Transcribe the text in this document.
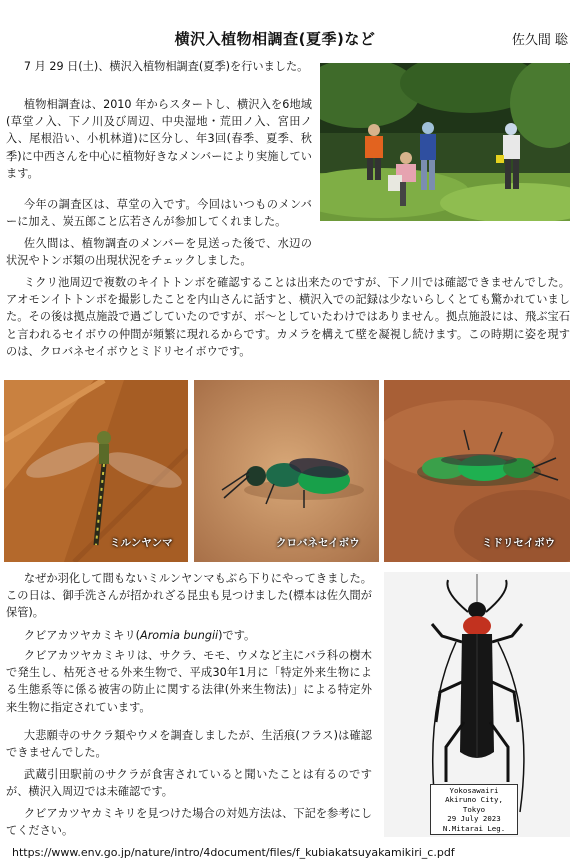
横沢入植物相調査(夏季)など	佐久間 聡

7 月 29 日(土)、横沢入植物相調査(夏季)を行いました。

植物相調査は、2010 年からスタートし、横沢入を6地域(草堂ノ入、下ノ川及び周辺、中央湿地・荒田ノ入、宮田ノ入、尾根沿い、小机林道)に区分し、年3回(春季、夏季、秋季)に中西さんを中心に植物好きなメンバーにより実施しています。

今年の調査区は、草堂の入です。今回はいつものメンバーに加え、炭五郎こと広若さんが参加してくれました。

佐久間は、植物調査のメンバーを見送った後で、水辺の状況やトンボ類の出現状況をチェックしました。

ミクリ池周辺で複数のキイトトンボを確認することは出来たのですが、下ノ川では確認できませんでした。アオモンイトトンボを撮影したことを内山さんに話すと、横沢入での記録は少ないらしくとても驚かれていました。その後は拠点施設で過ごしていたのですが、ボ〜としていたわけではありません。拠点施設には、飛ぶ宝石と言われるセイボウの仲間が頻繁に現れるからです。カメラを構えて壁を凝視し続けます。この時期に姿を現すのは、クロバネセイボウとミドリセイボウです。

ミルンヤンマ	クロバネセイボウ	ミドリセイボウ

なぜか羽化して間もないミルンヤンマもぶら下りにやってきました。この日は、御手洗さんが招かれざる昆虫も見つけました(標本は佐久間が保管)。

クビアカツヤカミキリ(Aromia bungii)です。

クビアカツヤカミキリは、サクラ、モモ、ウメなど主にバラ科の樹木で発生し、枯死させる外来生物で、平成30年1月に「特定外来生物による生態系等に係る被害の防止に関する法律(外来生物法)」による特定外来生物に指定されています。

大悲願寺のサクラ類やウメを調査しましたが、生活痕(フラス)は確認できませんでした。

武蔵引田駅前のサクラが食害されていると聞いたことは有るのですが、横沢入周辺では未確認です。

クビアカツヤカミキリを見つけた場合の対処方法は、下記を参考にしてください。

https://www.env.go.jp/nature/intro/4document/files/f_kubiakatsuyakamikiri_c.pdf
Yokosawairi
Akiruno City, Tokyo
29 July 2023
N.Mitarai Leg.
